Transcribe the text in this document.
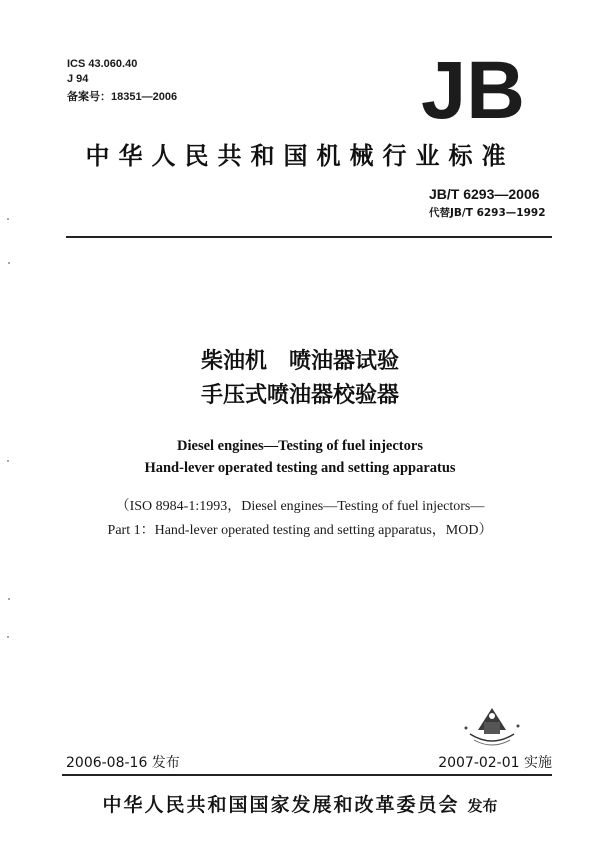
ICS 43.060.40
J 94
备案号：18351—2006	JB
中华人民共和国机械行业标准
JB/T 6293—2006
代替JB/T 6293—1992
柴油机　喷油器试验
手压式喷油器校验器
Diesel engines—Testing of fuel injectors
Hand-lever operated testing and setting apparatus
（ISO 8984-1:1993，Diesel engines—Testing of fuel injectors—
Part 1：Hand-lever operated testing and setting apparatus，MOD）
2006-08-16 发布	2007-02-01 实施
中华人民共和国国家发展和改革委员会 发布
